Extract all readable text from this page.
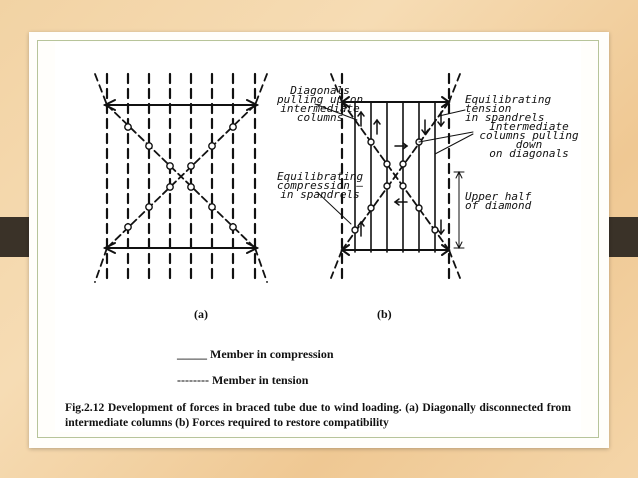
Diagonals
pulling up on
intermediate
columns
Equilibrating
compression –
in spandrels
Equilibrating tension
in spandrels
Intermediate
columns pulling down
on diagonals
Upper half
of diamond
(a)	(b)
_____ Member in compression
-------- Member in tension
Fig.2.12 Development of forces in braced tube due to wind loading. (a) Diagonally disconnected from intermediate columns (b) Forces required to restore compatibility
